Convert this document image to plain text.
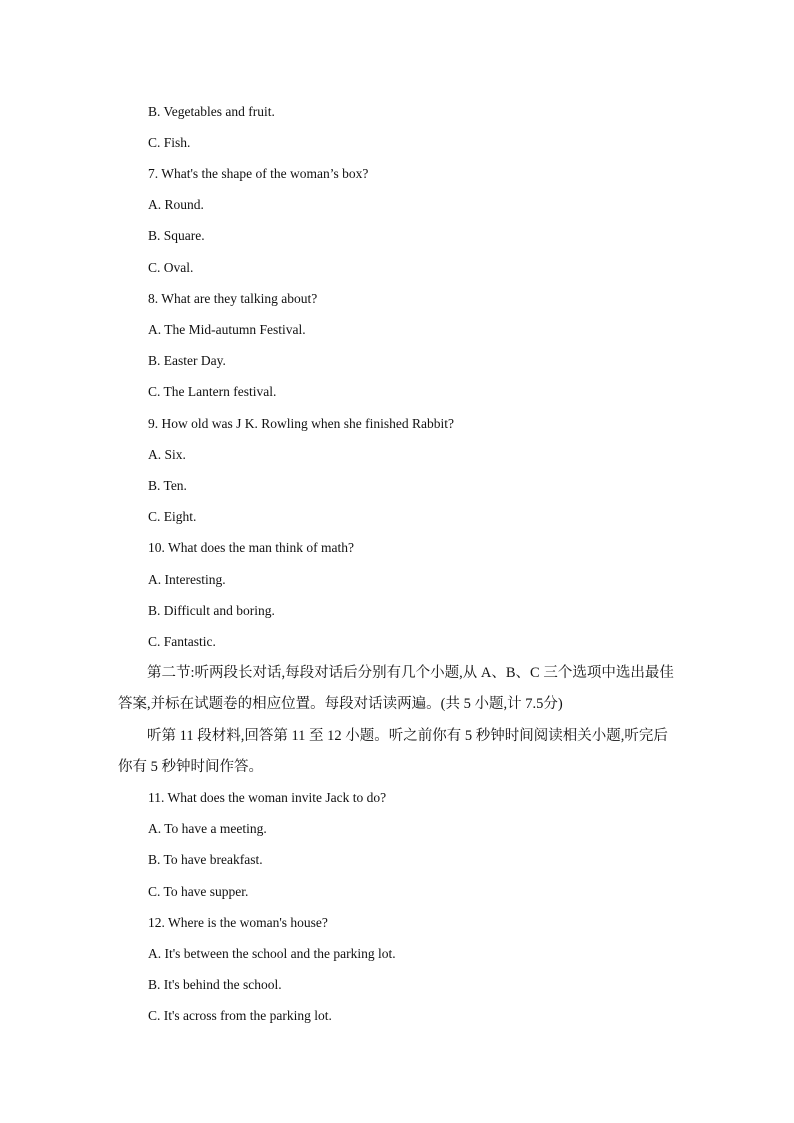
B. Vegetables and fruit.
C. Fish.
7. What's the shape of the woman’s box?
A. Round.
B. Square.
C. Oval.
8. What are they talking about?
A. The Mid-autumn Festival.
B. Easter Day.
C. The Lantern festival.
9. How old was J K. Rowling when she finished Rabbit?
A. Six.
B. Ten.
C. Eight.
10. What does the man think of math?
A. Interesting.
B. Difficult and boring.
C. Fantastic.
第二节:听两段长对话,每段对话后分别有几个小题,从 A、B、C 三个选项中选出最佳答案,并标在试题卷的相应位置。每段对话读两遍。(共 5 小题,计 7.5分)
听第 11 段材料,回答第 11 至 12 小题。听之前你有 5 秒钟时间阅读相关小题,听完后你有 5 秒钟时间作答。
11. What does the woman invite Jack to do?
A. To have a meeting.
B. To have breakfast.
C. To have supper.
12. Where is the woman's house?
A. It's between the school and the parking lot.
B. It's behind the school.
C. It's across from the parking lot.
